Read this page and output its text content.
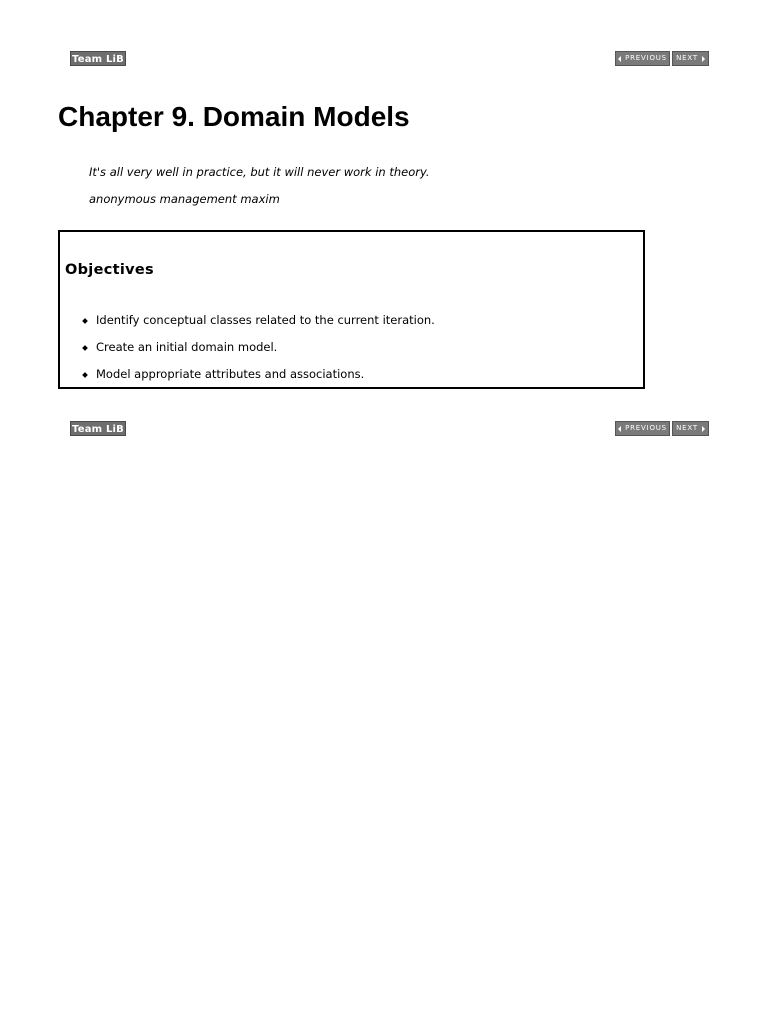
Team LiB	PREVIOUS NEXT
Chapter 9. Domain Models
It's all very well in practice, but it will never work in theory.
anonymous management maxim
Objectives
Identify conceptual classes related to the current iteration.
Create an initial domain model.
Model appropriate attributes and associations.
Team LiB	PREVIOUS NEXT
